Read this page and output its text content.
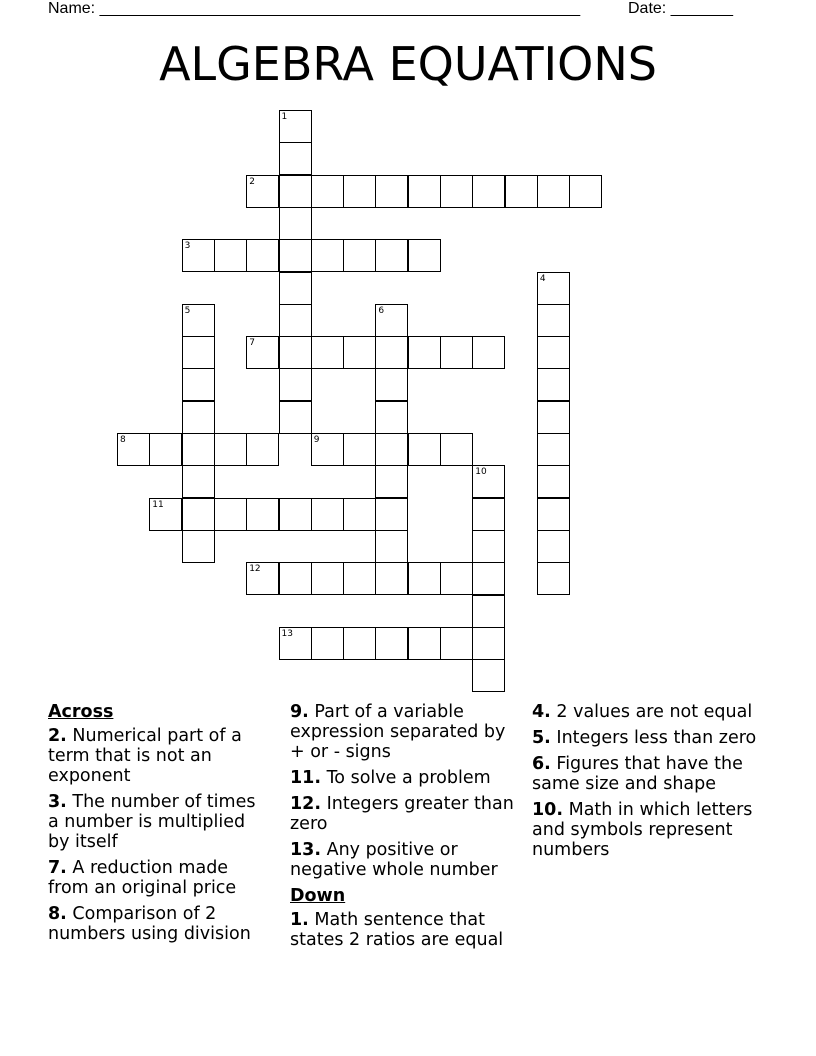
Name: ______________________________________________________	Date: _______
ALGEBRA EQUATIONS
1
2
3
4
5	6
7
8	9
10
11
12
13
Across
2. Numerical part of a term that is not an exponent
3. The number of times a number is multiplied by itself
7. A reduction made from an original price
8. Comparison of 2 numbers using division
9. Part of a variable expression separated by + or - signs
11. To solve a problem
12. Integers greater than zero
13. Any positive or negative whole number
Down
1. Math sentence that states 2 ratios are equal
4. 2 values are not equal
5. Integers less than zero
6. Figures that have the same size and shape
10. Math in which letters and symbols represent numbers
